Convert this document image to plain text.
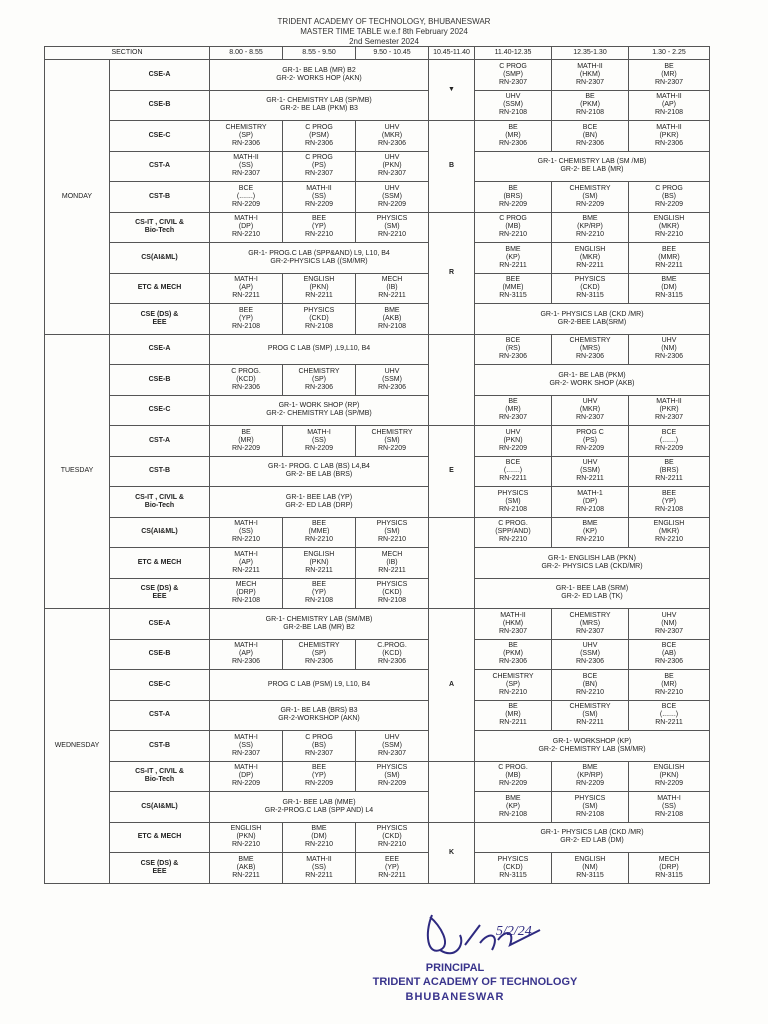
TRIDENT ACADEMY OF TECHNOLOGY, BHUBANESWAR
MASTER TIME TABLE w.e.f 8th February 2024
2nd Semester 2024
SECTION		8.00 - 8.55	8.55 - 9.50	9.50 - 10.45	10.45-11.40	11.40-12.35	12.35-1.30	1.30 - 2.25
MONDAY	CSE-A	GR-1- BE LAB (MR) B2
GR-2- WORKS HOP (AKN)			▼	C PROG
(SMP)
RN-2307	MATH-II
(HKM)
RN-2307	BE
(MR)
RN-2307
	CSE-B	GR-1- CHEMISTRY LAB (SP/MB)
GR-2- BE LAB (PKM) B3				UHV
(SSM)
RN-2108	BE
(PKM)
RN-2108	MATH-II
(AP)
RN-2108
	CSE-C	CHEMISTRY
(SP)
RN-2306	C PROG
(PSM)
RN-2306	UHV
(MKR)
RN-2306	B	BE
(MR)
RN-2306	BCE
(BN)
RN-2306	MATH-II
(PKR)
RN-2306
	CST-A	MATH-II
(SS)
RN-2307	C PROG
(PS)
RN-2307	UHV
(PKN)
RN-2307		GR-1- CHEMISTRY LAB (SM /MB)
GR-2- BE LAB (MR)		
	CST-B	BCE
(.......)
RN-2209	MATH-II
(SS)
RN-2209	UHV
(SSM)
RN-2209		BE
(BRS)
RN-2209	CHEMISTRY
(SM)
RN-2209	C PROG
(BS)
RN-2209
	CS-IT , CIVIL &
Bio-Tech	MATH-I
(DP)
RN-2210	BEE
(YP)
RN-2210	PHYSICS
(SM)
RN-2210	R	C PROG
(MB)
RN-2210	BME
(KP/RP)
RN-2210	ENGLISH
(MKR)
RN-2210
	CS(AI&ML)	GR-1- PROG.C LAB (SPP&AND) L9, L10, B4
GR-2-PHYSICS LAB ((SM/MR)				BME
(KP)
RN-2211	ENGLISH
(MKR)
RN-2211	BEE
(MMR)
RN-2211
	ETC & MECH	MATH-I
(AP)
RN-2211	ENGLISH
(PKN)
RN-2211	MECH
(IB)
RN-2211		BEE
(MME)
RN-3115	PHYSICS
(CKD)
RN-3115	BME
(DM)
RN-3115
	CSE (DS) &
EEE	BEE
(YP)
RN-2108	PHYSICS
(CKD)
RN-2108	BME
(AKB)
RN-2108		GR-1- PHYSICS LAB (CKD /MR)
GR-2-BEE LAB(SRM)		
TUESDAY	CSE-A	PROG C LAB (SMP) ,L9,L10, B4				BCE
(RS)
RN-2306	CHEMISTRY
(MRS)
RN-2306	UHV
(NM)
RN-2306
	CSE-B	C PROG.
(KCD)
RN-2306	CHEMISTRY
(SP)
RN-2306	UHV
(SSM)
RN-2306		GR-1- BE LAB (PKM)
GR-2- WORK SHOP (AKB)		
	CSE-C	GR-1- WORK SHOP (RP)
GR-2- CHEMISTRY LAB (SP/MB)				BE
(MR)
RN-2307	UHV
(MKR)
RN-2307	MATH-II
(PKR)
RN-2307
	CST-A	BE
(MR)
RN-2209	MATH-I
(SS)
RN-2209	CHEMISTRY
(SM)
RN-2209	E	UHV
(PKN)
RN-2209	PROG C
(PS)
RN-2209	BCE
(.......)
RN-2209
	CST-B	GR-1- PROG. C LAB (BS) L4,B4
GR-2- BE LAB (BRS)				BCE
(.......)
RN-2211	UHV
(SSM)
RN-2211	BE
(BRS)
RN-2211
	CS-IT , CIVIL &
Bio-Tech	GR-1- BEE LAB (YP)
GR-2- ED LAB (DRP)				PHYSICS
(SM)
RN-2108	MATH-1
(DP)
RN-2108	BEE
(YP)
RN-2108
	CS(AI&ML)	MATH-I
(SS)
RN-2210	BEE
(MME)
RN-2210	PHYSICS
(SM)
RN-2210		C PROG.
(SPP/AND)
RN-2210	BME
(KP)
RN-2210	ENGLISH
(MKR)
RN-2210
	ETC & MECH	MATH-I
(AP)
RN-2211	ENGLISH
(PKN)
RN-2211	MECH
(IB)
RN-2211		GR-1- ENGLISH LAB (PKN)
GR-2- PHYSICS LAB (CKD/MR)		
	CSE (DS) &
EEE	MECH
(DRP)
RN-2108	BEE
(YP)
RN-2108	PHYSICS
(CKD)
RN-2108		GR-1- BEE LAB (SRM)
GR-2- ED LAB (TK)		
WEDNESDAY	CSE-A	GR-1- CHEMISTRY LAB (SM/MB)
GR-2-BE LAB (MR) B2			A	MATH-II
(HKM)
RN-2307	CHEMISTRY
(MRS)
RN-2307	UHV
(NM)
RN-2307
	CSE-B	MATH-I
(AP)
RN-2306	CHEMISTRY
(SP)
RN-2306	C.PROG.
(KCD)
RN-2306		BE
(PKM)
RN-2306	UHV
(SSM)
RN-2306	BCE
(AB)
RN-2306
	CSE-C	PROG C LAB (PSM) L9, L10, B4				CHEMISTRY
(SP)
RN-2210	BCE
(BN)
RN-2210	BE
(MR)
RN-2210
	CST-A	GR-1- BE LAB (BRS) B3
GR-2-WORKSHOP (AKN)				BE
(MR)
RN-2211	CHEMISTRY
(SM)
RN-2211	BCE
(.......)
RN-2211
	CST-B	MATH-I
(SS)
RN-2307	C PROG
(BS)
RN-2307	UHV
(SSM)
RN-2307		GR-1- WORKSHOP (KP)
GR-2- CHEMISTRY LAB (SM/MR)		
	CS-IT , CIVIL &
Bio-Tech	MATH-I
(DP)
RN-2209	BEE
(YP)
RN-2209	PHYSICS
(SM)
RN-2209		C PROG.
(MB)
RN-2209	BME
(KP/RP)
RN-2209	ENGLISH
(PKN)
RN-2209
	CS(AI&ML)	GR-1- BEE LAB (MME)
GR-2-PROG.C LAB (SPP AND) L4				BME
(KP)
RN-2108	PHYSICS
(SM)
RN-2108	MATH-I
(SS)
RN-2108
	ETC & MECH	ENGLISH
(PKN)
RN-2210	BME
(DM)
RN-2210	PHYSICS
(CKD)
RN-2210	K	GR-1- PHYSICS LAB (CKD /MR)
GR-2- ED LAB (DM)		
	CSE (DS) &
EEE	BME
(AKB)
RN-2211	MATH-II
(SS)
RN-2211	EEE
(YP)
RN-2211		PHYSICS
(CKD)
RN-3115	ENGLISH
(NM)
RN-3115	MECH
(DRP)
RN-3115
5/2/24
PRINCIPAL
TRIDENT ACADEMY OF TECHNOLOGY
BHUBANESWAR
